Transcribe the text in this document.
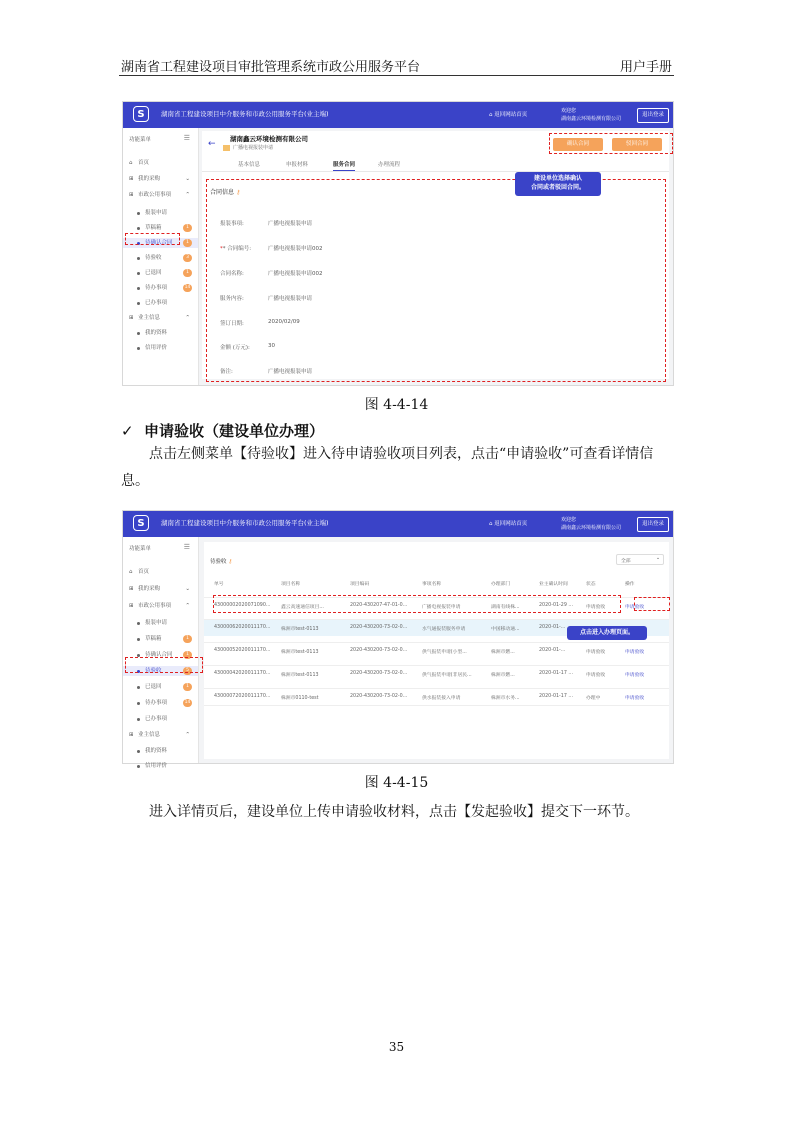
湖南省工程建设项目审批管理系统市政公用服务平台	用户手册
S	湖南省工程建设项目中介服务和市政公用服务平台(业主端)	⌂ 返回网站首页
欢迎您
湖南鑫云环境检测有限公司
退出登录
功能菜单	☰
⌂ 首页
⊞ 我的采购	⌄
⊞ 市政公用事项	⌃
报装申请
草稿箱	1
待确认合同	1
待验收	3
已退回	1
待办事项	14
已办事项
⊞ 业主信息	⌃
我的资料
信用评价
← 湖南鑫云环境检测有限公司
广播电视报装申请
确认合同	驳回合同
基本信息	申报材料	服务合同	办理流程
合同信息 ⚷
报装事项:	广播电视报装申请
** 合同编号:	广播电视报装申请002
合同名称:	广播电视报装申请002
服务内容:	广播电视报装申请
签订日期:	2020/02/09
金额 (万元):	30
备注:	广播电视报装申请
建设单位选择确认
合同或者驳回合同。
图 4-4-14
✓ 申请验收（建设单位办理）
点击左侧菜单【待验收】进入待申请验收项目列表，点击“申请验收”可查看详情信息。
S	湖南省工程建设项目中介服务和市政公用服务平台(业主端)	⌂ 返回网站首页
欢迎您
湖南鑫云环境检测有限公司
退出登录
功能菜单	☰
⌂ 首页
⊞ 我的采购	⌄
⊞ 市政公用事项	⌃
报装申请
草稿箱	1
待确认合同	1
待验收	5
已退回	1
待办事项	14
已办事项
⊞ 业主信息	⌃
我的资料
信用评价
待验收 ⚷	全部
⌄
单号	项目名称	项目编码	事项名称	办理部门	业主确认时间	状态	操作
43000002020071090... 鑫云高速通信项目...	2020-430207-47-01-0...	广播电视报装申请	湖南有线株...	2020-01-29 ...	申请验收	申请验收
43000062020011170... 株洲市test-0113	2020-430200-73-02-0...	水气通报装服务申请	中国移动通...	2020-01-...
43000052020011170... 株洲市test-0113	2020-430200-73-02-0...	供气报装申请(小型...	株洲市燃...	2020-01-...	申请验收	申请验收
43000042020011170... 株洲市test-0113	2020-430200-73-02-0...	供气报装申请(非居民...	株洲市燃...	2020-01-17 ...	申请验收	申请验收
43000072020011170... 株洲市0110-test	2020-430200-73-02-0...	供水报装接入申请	株洲市水务...	2020-01-17 ...	办理中	申请验收
点击进入办理页面。
图 4-4-15
进入详情页后，建设单位上传申请验收材料，点击【发起验收】提交下一环节。
35
